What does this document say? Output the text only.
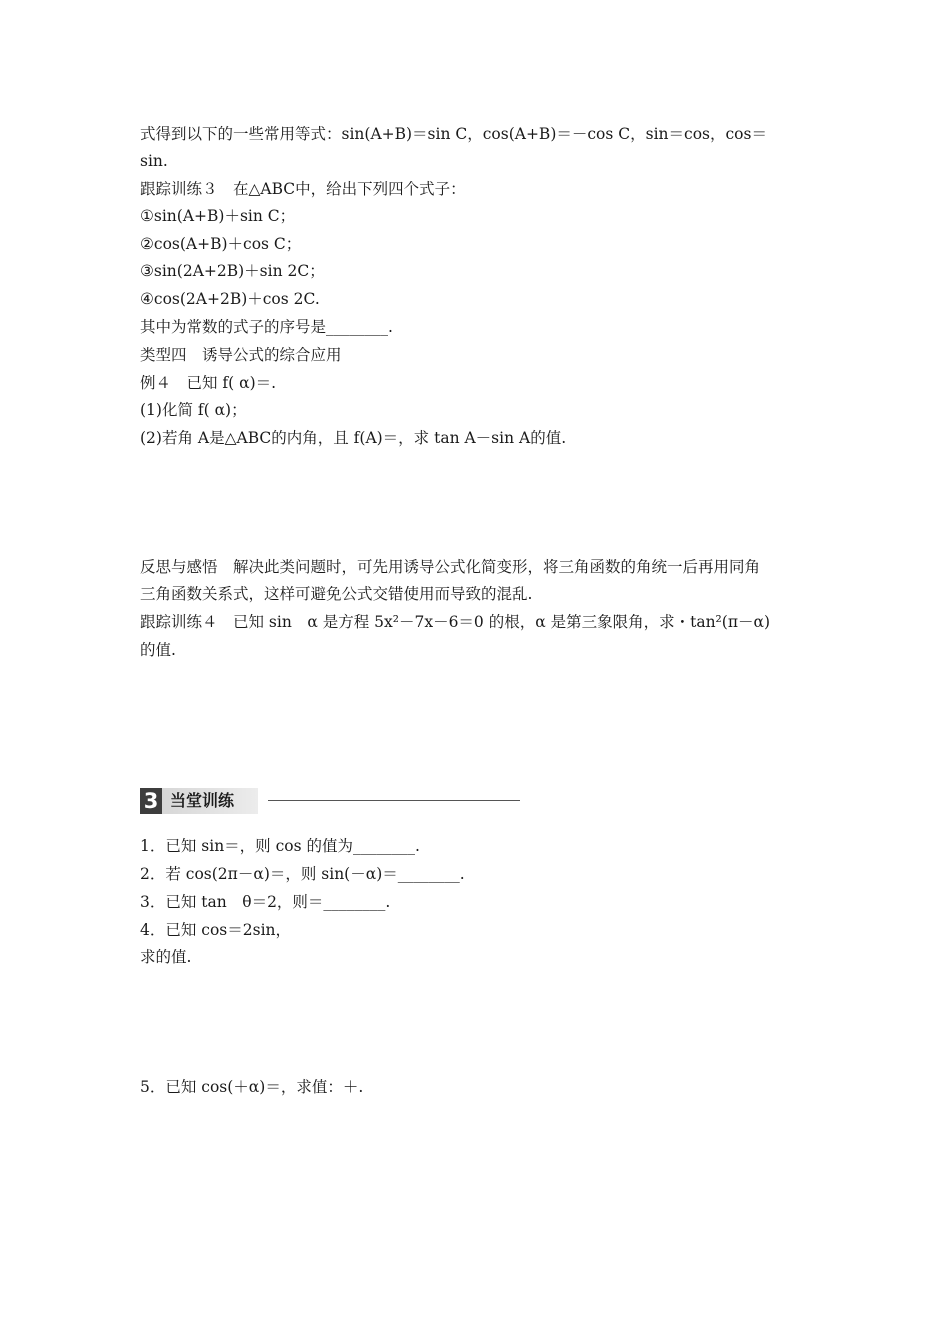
式得到以下的一些常用等式：sin(A+B)＝sin C，cos(A+B)＝－cos C，sin＝cos，cos＝
sin.
跟踪训练３　在△ABC中，给出下列四个式子：
①sin(A+B)＋sin C；
②cos(A+B)＋cos C；
③sin(2A+2B)＋sin 2C；
④cos(2A+2B)＋cos 2C.
其中为常数的式子的序号是________.
类型四　诱导公式的综合应用
例４　已知 f( α)＝.
(1)化简 f( α)；
(2)若角 A是△ABC的内角，且 f(A)＝，求 tan A－sin A的值.
反思与感悟　解决此类问题时，可先用诱导公式化简变形，将三角函数的角统一后再用同角
三角函数关系式，这样可避免公式交错使用而导致的混乱.
跟踪训练４　已知 sin　α 是方程 5x²－7x－6＝0 的根，α 是第三象限角，求・tan²(π－α)
的值.
3 当堂训练
1．已知 sin＝，则 cos 的值为________.
2．若 cos(2π－α)＝，则 sin(－α)＝________.
3．已知 tan　θ＝2，则＝________.
4．已知 cos＝2sin，
求的值.
5．已知 cos(＋α)＝，求值：＋.
